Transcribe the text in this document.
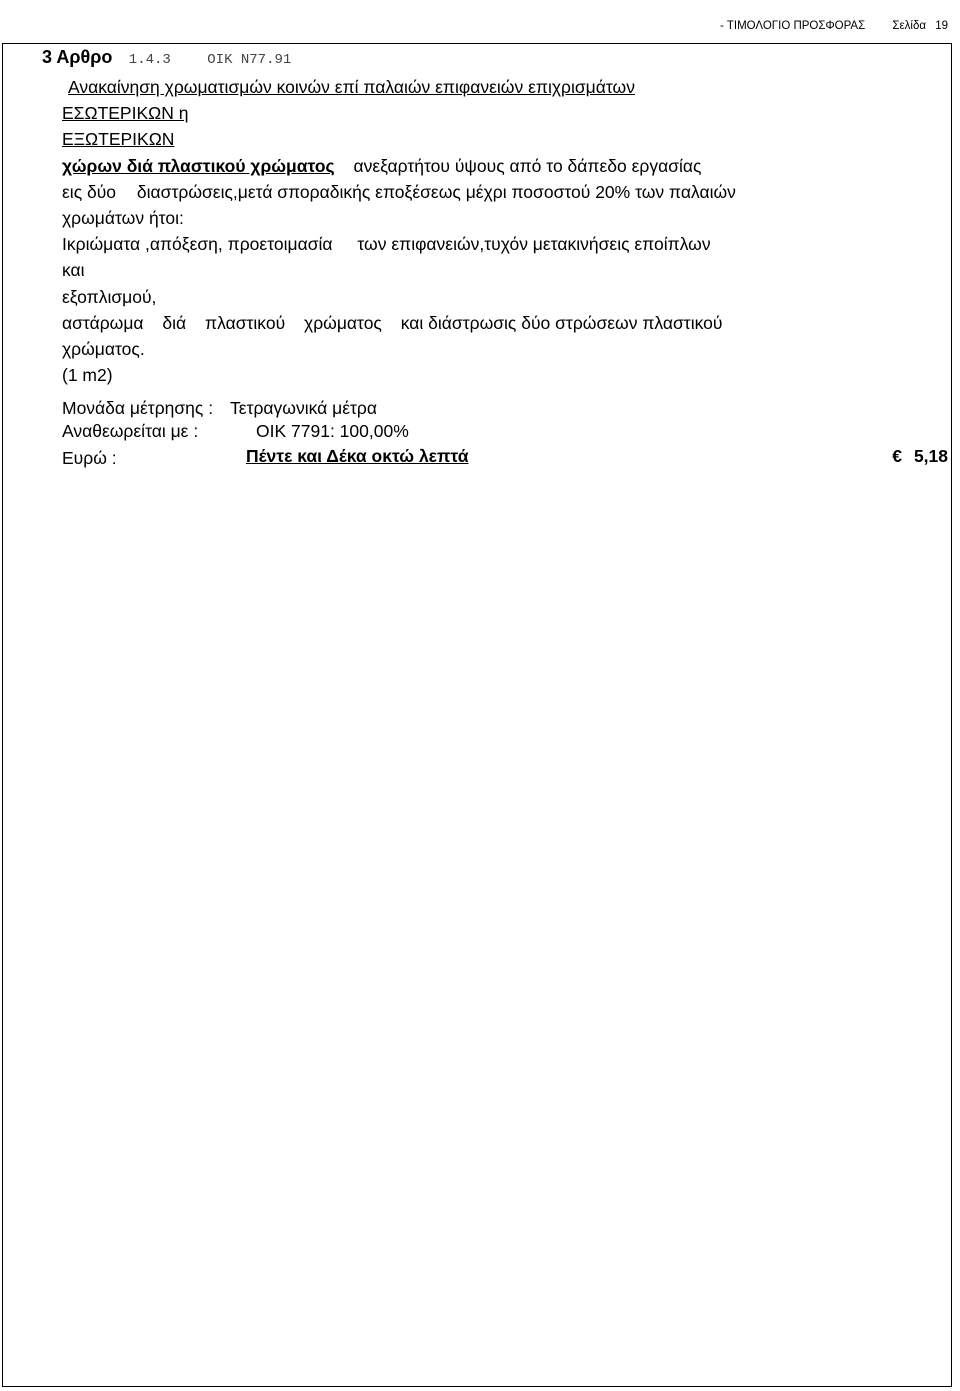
- ΤΙΜΟΛΟΓΙΟ ΠΡΟΣΦΟΡΑΣ Σελίδα 19
3 Αρθρο 1.4.3	ΟΙΚ Ν77.91
Ανακαίνηση χρωματισμών κοινών επί παλαιών επιφανειών επιχρισμάτων
ΕΣΩΤΕΡΙΚΩΝ η
ΕΞΩΤΕΡΙΚΩΝ
χώρων διά πλαστικού χρώματος ανεξαρτήτου ύψους από το δάπεδο εργασίας
εις δύο διαστρώσεις,μετά σποραδικής εποξέσεως μέχρι ποσοστού 20% των παλαιών
χρωμάτων ήτοι:
Ικριώματα ,απόξεση, προετοιμασία των επιφανειών,τυχόν μετακινήσεις εποίπλων
και
εξοπλισμού,
αστάρωμα διά πλαστικού χρώματος και διάστρωσις δύο στρώσεων πλαστικού
χρώματος.
(1 m2)
Μονάδα μέτρησης : Τετραγωνικά μέτρα
Αναθεωρείται με :	ΟΙΚ 7791: 100,00%
Ευρώ :	Πέντε και Δέκα οκτώ λεπτά	€ 5,18
